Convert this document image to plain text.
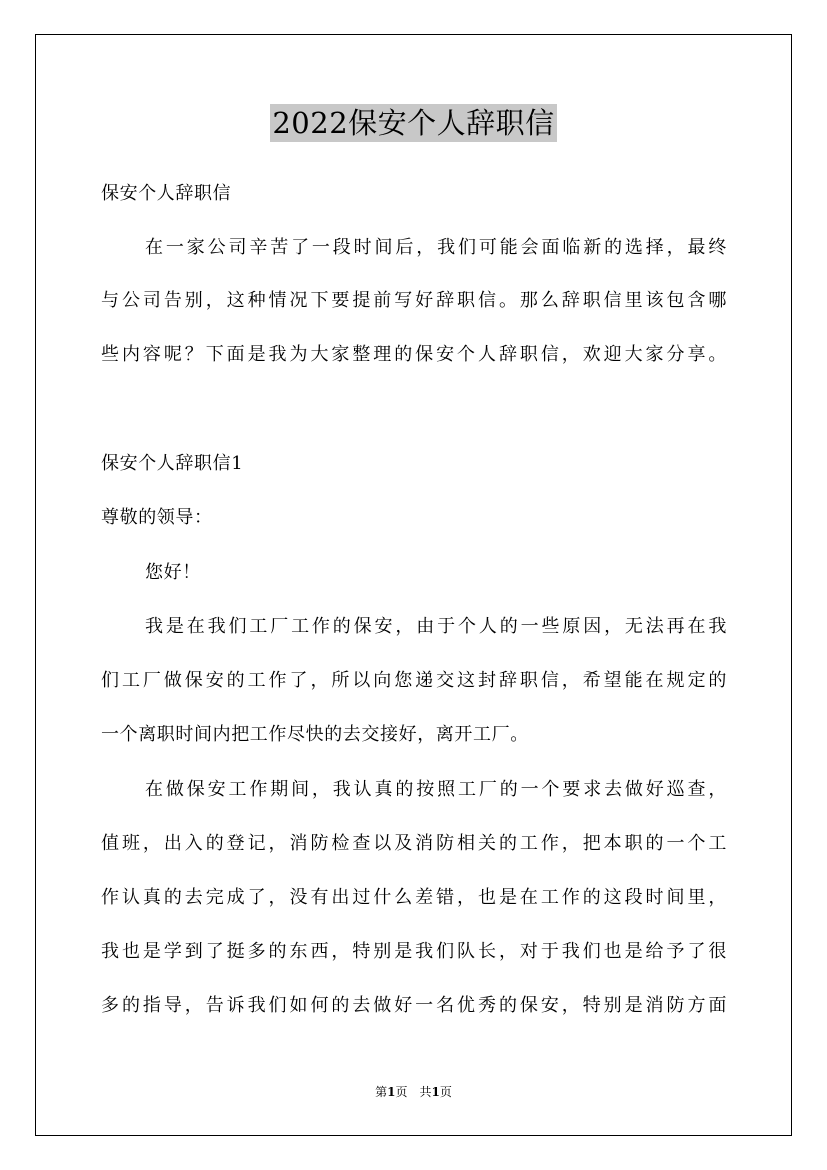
2022保安个人辞职信
保安个人辞职信
在一家公司辛苦了一段时间后，我们可能会面临新的选择，最终
与公司告别，这种情况下要提前写好辞职信。那么辞职信里该包含哪
些内容呢？下面是我为大家整理的保安个人辞职信，欢迎大家分享。
保安个人辞职信1
尊敬的领导：
您好！
我是在我们工厂工作的保安，由于个人的一些原因，无法再在我
们工厂做保安的工作了，所以向您递交这封辞职信，希望能在规定的
一个离职时间内把工作尽快的去交接好，离开工厂。
在做保安工作期间，我认真的按照工厂的一个要求去做好巡查，
值班，出入的登记，消防检查以及消防相关的工作，把本职的一个工
作认真的去完成了，没有出过什么差错，也是在工作的这段时间里，
我也是学到了挺多的东西，特别是我们队长，对于我们也是给予了很
多的指导，告诉我们如何的去做好一名优秀的保安，特别是消防方面
第1页　共1页
